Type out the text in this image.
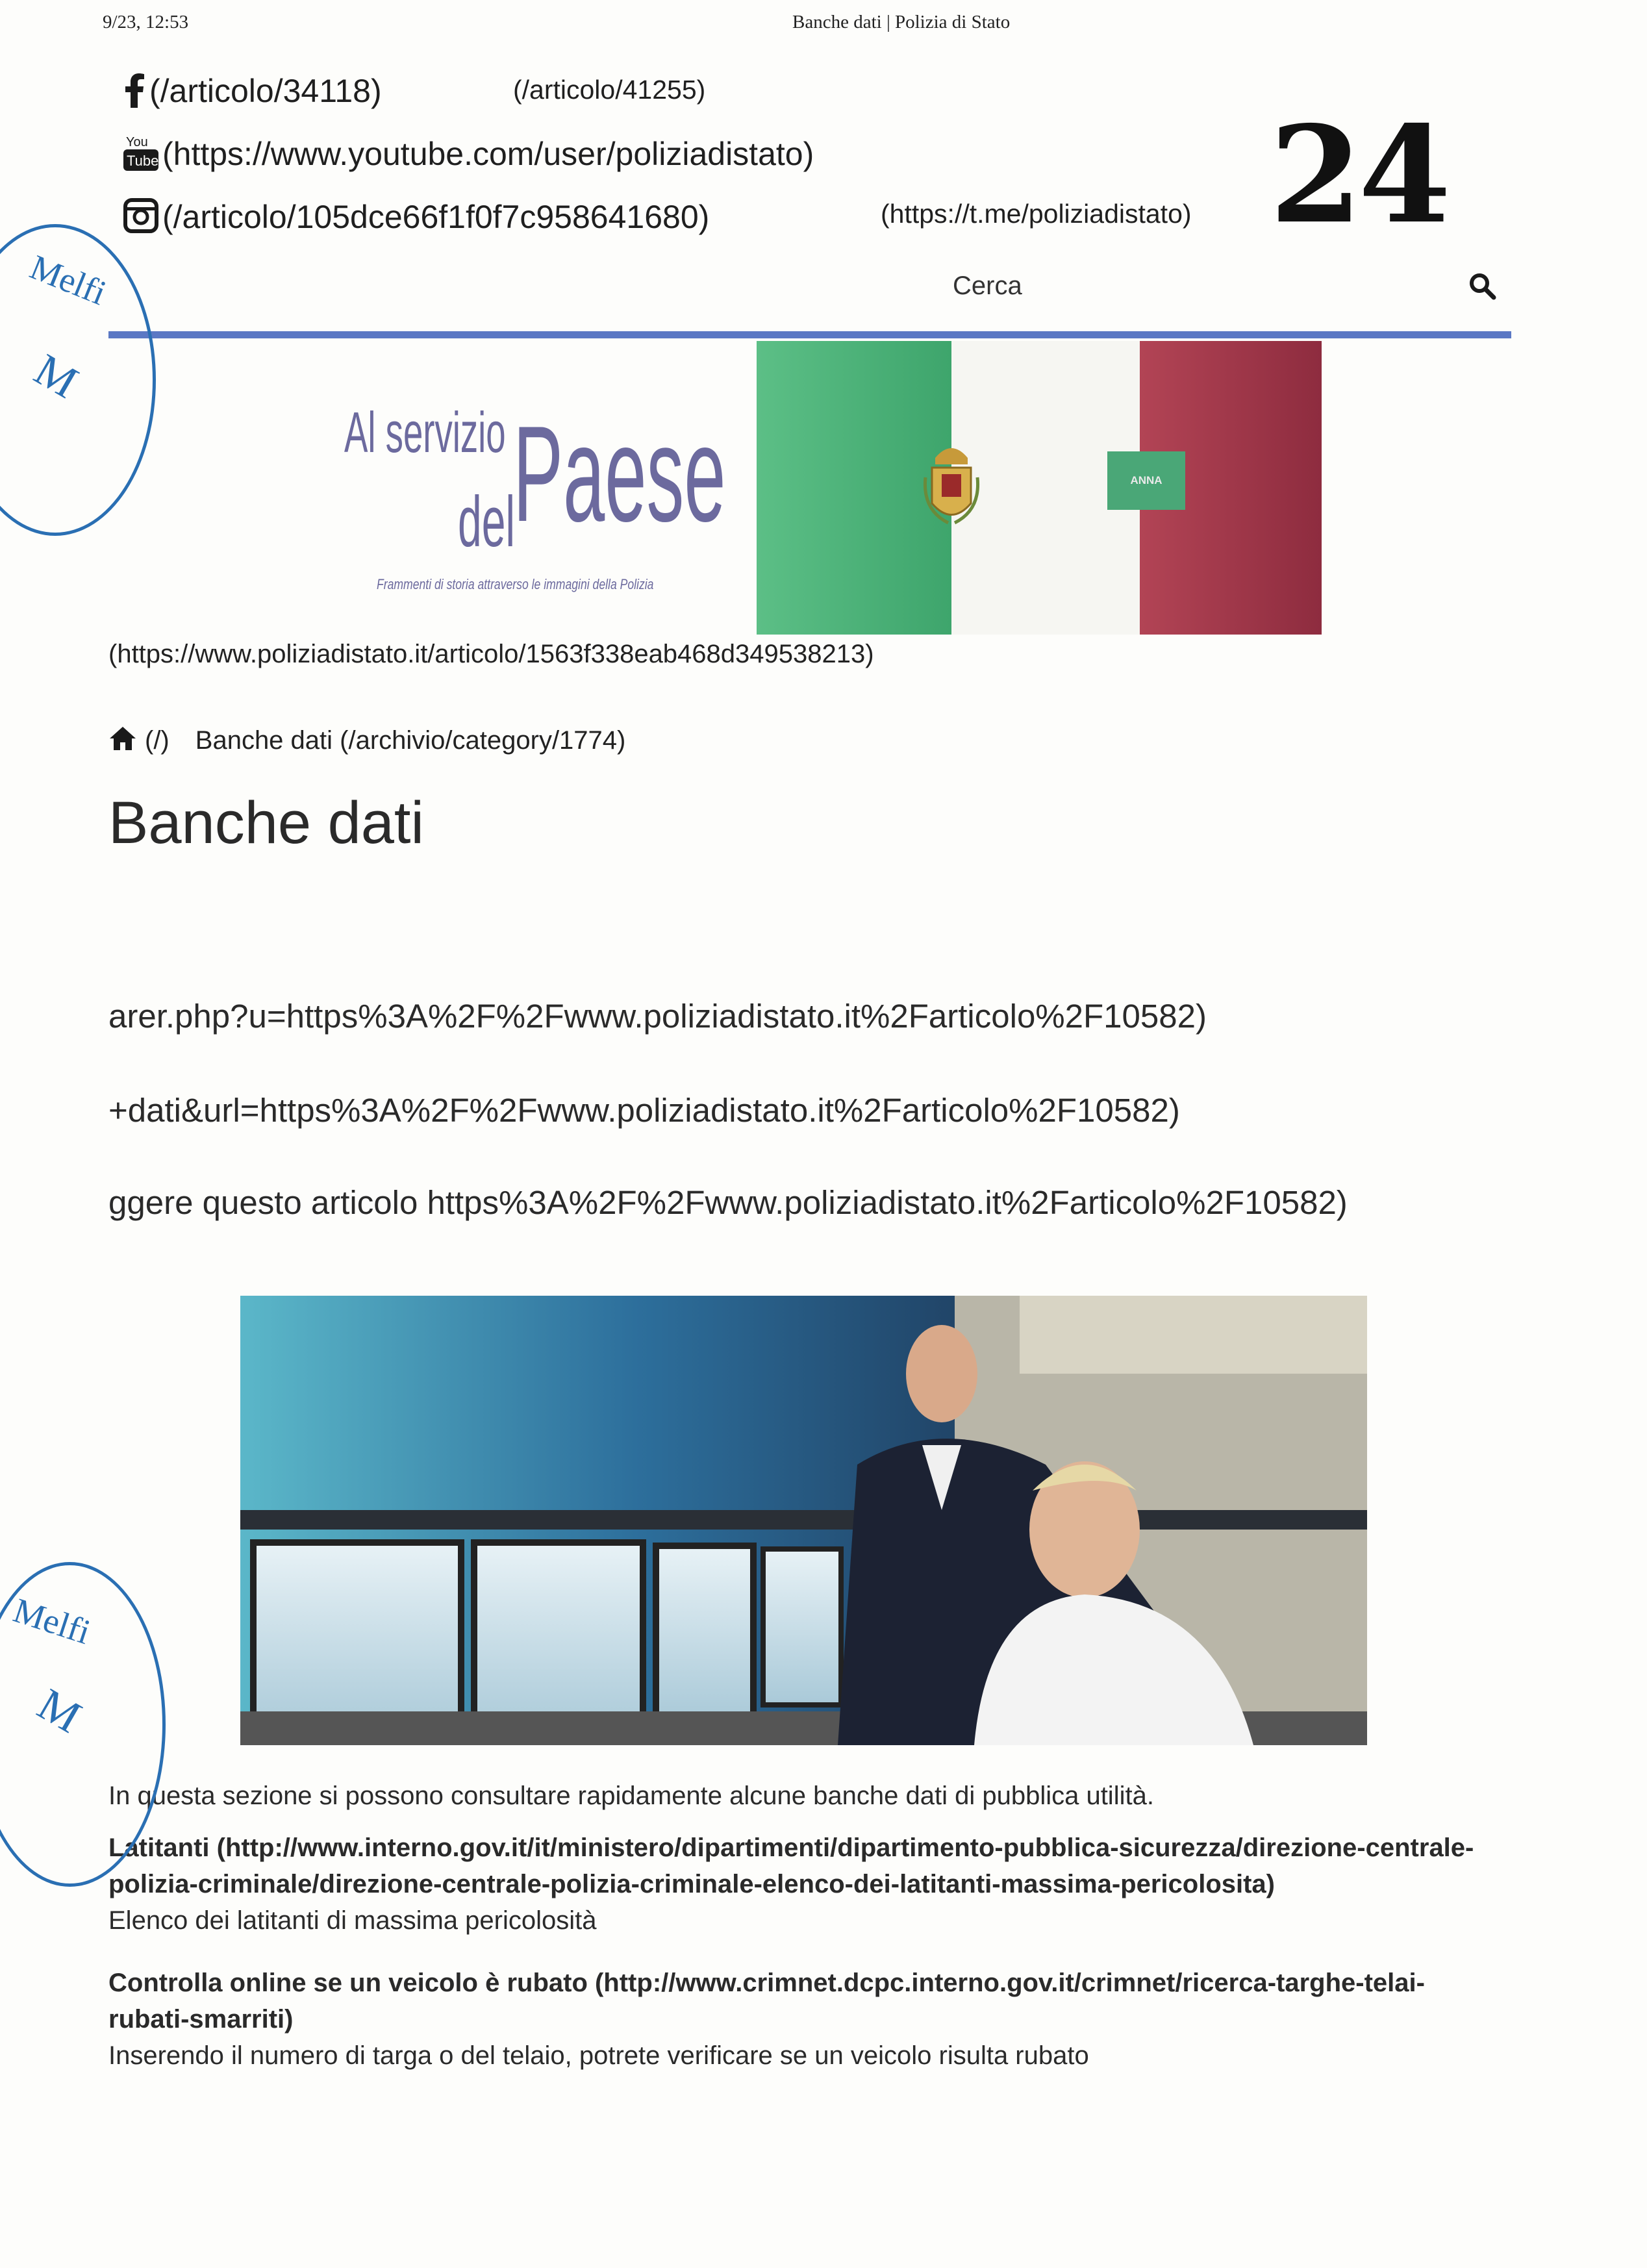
9/23, 12:53	Banche dati | Polizia di Stato
(/articolo/34118)	(/articolo/41255)
You
Tube (https://www.youtube.com/user/poliziadistato)
(/articolo/105dce66f1f0f7c958641680)	(https://t.me/poliziadistato) 24
Cerca
Al servizio
del
Paese
Frammenti di storia attraverso le immagini della Polizia
ANNA
(https://www.poliziadistato.it/articolo/1563f338eab468d349538213)
(/) Banche dati (/archivio/category/1774)
Banche dati
arer.php?u=https%3A%2F%2Fwww.poliziadistato.it%2Farticolo%2F10582)
+dati&url=https%3A%2F%2Fwww.poliziadistato.it%2Farticolo%2F10582)
ggere questo articolo https%3A%2F%2Fwww.poliziadistato.it%2Farticolo%2F10582)
In questa sezione si possono consultare rapidamente alcune banche dati di pubblica utilità.
Latitanti (http://www.interno.gov.it/it/ministero/dipartimenti/dipartimento-pubblica-sicurezza/direzione-centrale-polizia-criminale/direzione-centrale-polizia-criminale-elenco-dei-latitanti-massima-pericolosita)
Elenco dei latitanti di massima pericolosità
Controlla online se un veicolo è rubato (http://www.crimnet.dcpc.interno.gov.it/crimnet/ricerca-targhe-telai-rubati-smarriti)
Inserendo il numero di targa o del telaio, potrete verificare se un veicolo risulta rubato
Melfi
M
Melfi
M
